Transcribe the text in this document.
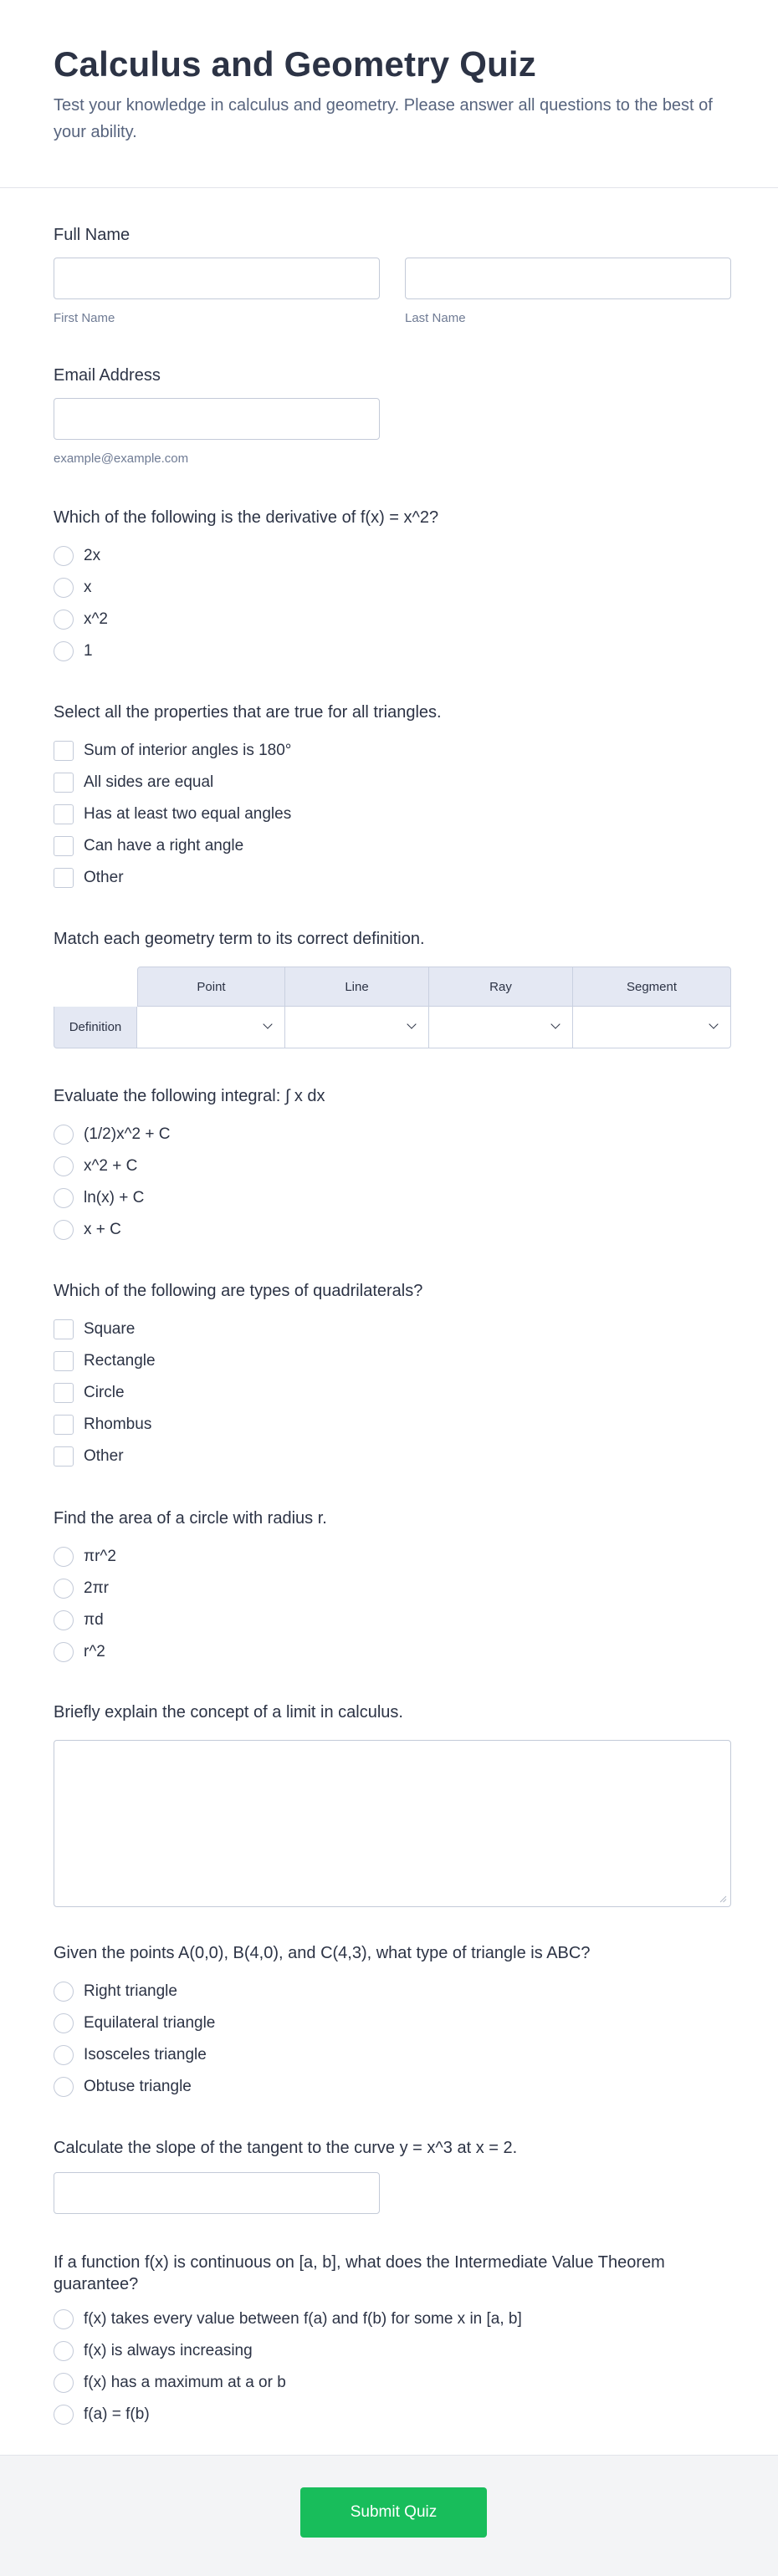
Calculus and Geometry Quiz

Test your knowledge in calculus and geometry. Please answer all questions to the best of your ability.

Full Name
First Name	Last Name
Email Address
example@example.com
Which of the following is the derivative of f(x) = x^2?
2x
x
x^2
1
Select all the properties that are true for all triangles.
Sum of interior angles is 180°
All sides are equal
Has at least two equal angles
Can have a right angle
Other
Match each geometry term to its correct definition.
	Point	Line	Ray	Segment
Definition	

Evaluate the following integral: ∫ x dx
(1/2)x^2 + C
x^2 + C
ln(x) + C
x + C
Which of the following are types of quadrilaterals?
Square
Rectangle
Circle
Rhombus
Other
Find the area of a circle with radius r.
πr^2
2πr
πd
r^2
Briefly explain the concept of a limit in calculus.
Given the points A(0,0), B(4,0), and C(4,3), what type of triangle is ABC?
Right triangle
Equilateral triangle
Isosceles triangle
Obtuse triangle
Calculate the slope of the tangent to the curve y = x^3 at x = 2.
If a function f(x) is continuous on [a, b], what does the Intermediate Value Theorem guarantee?
f(x) takes every value between f(a) and f(b) for some x in [a, b]
f(x) is always increasing
f(x) has a maximum at a or b
f(a) = f(b)
Submit Quiz
